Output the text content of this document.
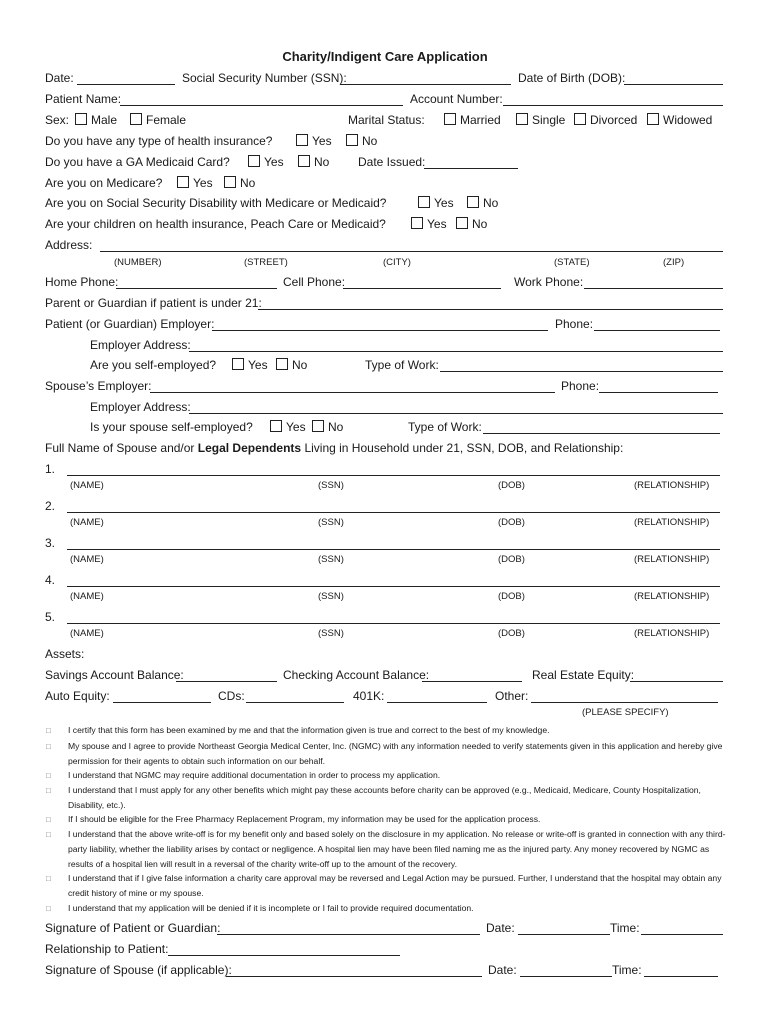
Charity/Indigent Care Application
Date:	Social Security Number (SSN):	Date of Birth (DOB):
Patient Name:	Account Number:
Sex:	Male	Female	Marital Status:	Married	Single	Divorced	Widowed
Do you have any type of health insurance?	Yes	No
Do you have a GA Medicaid Card?	Yes	No Date Issued:
Are you on Medicare?	Yes	No
Are you on Social Security Disability with Medicare or Medicaid?	Yes	No
Are your children on health insurance, Peach Care or Medicaid?	Yes	No
Address:
(NUMBER)	(STREET)	(CITY)	(STATE)	(ZIP)
Home Phone:	Cell Phone:	Work Phone:
Parent or Guardian if patient is under 21:
Patient (or Guardian) Employer:	Phone:
Employer Address:
Are you self-employed?	Yes	No	Type of Work:
Spouse’s Employer:	Phone:
Employer Address:
Is your spouse self-employed?	Yes	No	Type of Work:
Full Name of Spouse and/or Legal Dependents Living in Household under 21, SSN, DOB, and Relationship:
1.
(NAME)	(SSN)	(DOB)	(RELATIONSHIP)
2.
(NAME)	(SSN)	(DOB)	(RELATIONSHIP)
3.
(NAME)	(SSN)	(DOB)	(RELATIONSHIP)
4.
(NAME)	(SSN)	(DOB)	(RELATIONSHIP)
5.
(NAME)	(SSN)	(DOB)	(RELATIONSHIP)
Assets:
Savings Account Balance:	Checking Account Balance:	Real Estate Equity:
Auto Equity:	CDs:	401K:	Other:
(PLEASE SPECIFY)
□ I certify that this form has been examined by me and that the information given is true and correct to the best of my knowledge.
□ My spouse and I agree to provide Northeast Georgia Medical Center, Inc. (NGMC) with any information needed to verify statements given in this application and hereby give permission for their agents to obtain such information on our behalf.
□ I understand that NGMC may require additional documentation in order to process my application.
□ I understand that I must apply for any other benefits which might pay these accounts before charity can be approved (e.g., Medicaid, Medicare, County Hospitalization, Disability, etc.).
□ If I should be eligible for the Free Pharmacy Replacement Program, my information may be used for the application process.
□ I understand that the above write-off is for my benefit only and based solely on the disclosure in my application. No release or write-off is granted in connection with any third-party liability, whether the liability arises by contact or negligence. A hospital lien may have been filed naming me as the injured party. Any money recovered by NGMC as results of a hospital lien will result in a reversal of the charity write-off up to the amount of the recovery.
□ I understand that if I give false information a charity care approval may be reversed and Legal Action may be pursued. Further, I understand that the hospital may obtain any credit history of mine or my spouse.
□ I understand that my application will be denied if it is incomplete or I fail to provide required documentation.
Signature of Patient or Guardian:	Date:	Time:
Relationship to Patient:
Signature of Spouse (if applicable):	Date:	Time:
